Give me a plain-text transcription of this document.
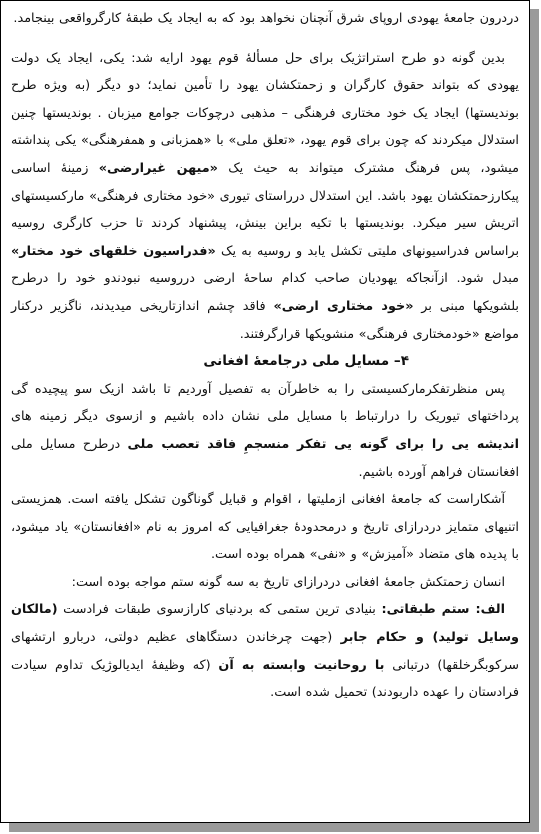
دردرون جامعۀ یهودی اروپای شرق آنچنان نخواهد بود که به ایجاد یک طبقۀ کارگرواقعی بینجامد.

بدین گونه دو طرح استراتژیک برای حل مسألۀ قوم یهود ارایه شد: یکی، ایجاد یک دولت یهودی که بتواند حقوق کارگران و زحمتکشان یهود را تأمین نماید؛ دو دیگر (به ویژه طرح بوندیستها) ایجاد یک خود مختاری فرهنگی – مذهبی درچوکات جوامع میزبان . بوندیستها چنین استدلال میکردند که چون برای قوم یهود، «تعلق ملی» با «همزبانی و همفرهنگی» یکی پنداشته میشود، پس فرهنگ مشترک میتواند به حیث یک «میهن غیرارضی» زمینۀ اساسی پیکارزحمتکشان یهود باشد. این استدلال درراستای تیوری «خود مختاری فرهنگی» مارکسیستهای اتریش سیر میکرد. بوندیستها با تکیه براین بینش، پیشنهاد کردند تا حزب کارگری روسیه براساس فدراسیونهای ملیتی تکشل یابد و روسیه به یک «فدراسیون خلقهای خود مختار» مبدل شود. ازآنجاکه یهودیان صاحب کدام ساحۀ ارضی درروسیه نبودندو خود را درطرح بلشویکها مبنی بر «خود مختاری ارضی» فاقد چشم اندازتاریخی میدیدند، ناگزیر درکنار مواضع «خودمختاری فرهنگی» منشویکها قرارگرفتند.

۴– مسایل ملی درجامعۀ افغانی

پس منظرتفکرمارکسیستی را به خاطرآن به تفصیل آوردیم تا باشد ازیک سو پیچیده گی پرداختهای تیوریک را درارتباط با مسایل ملی نشان داده باشیم و ازسوی دیگر زمینه های اندیشه یی را برای گونه یی تفکر منسجمِ فاقد تعصب ملی درطرح مسایل ملی افغانستان فراهم آورده باشیم.

آشکاراست که جامعۀ افغانی ازملیتها ، اقوام و قبایل گوناگون تشکل یافته است. همزیستی اتنیهای متمایز دردرازای تاریخ و درمحدودۀ جغرافیایی که امروز به نام «افغانستان» یاد میشود، با پدیده های متضاد «آمیزش» و «نفی» همراه بوده است.

انسان زحمتکش جامعۀ افغانی دردرازای تاریخ به سه گونه ستم مواجه بوده است:

الف: ستم طبقاتی: بنیادی ترین ستمی که بردنیای کارازسوی طبقات فرادست (مالکان وسایل تولید) و حکام جابر (جهت چرخاندن دستگاهای عظیم دولتی، دربارو ارتشهای سرکوبگرخلقها) درتبانی با روحانیت وابسته به آن (که وظیفۀ ایدیالوژیک تداوم سیادت فرادستان را عهده داربودند) تحمیل شده است.
